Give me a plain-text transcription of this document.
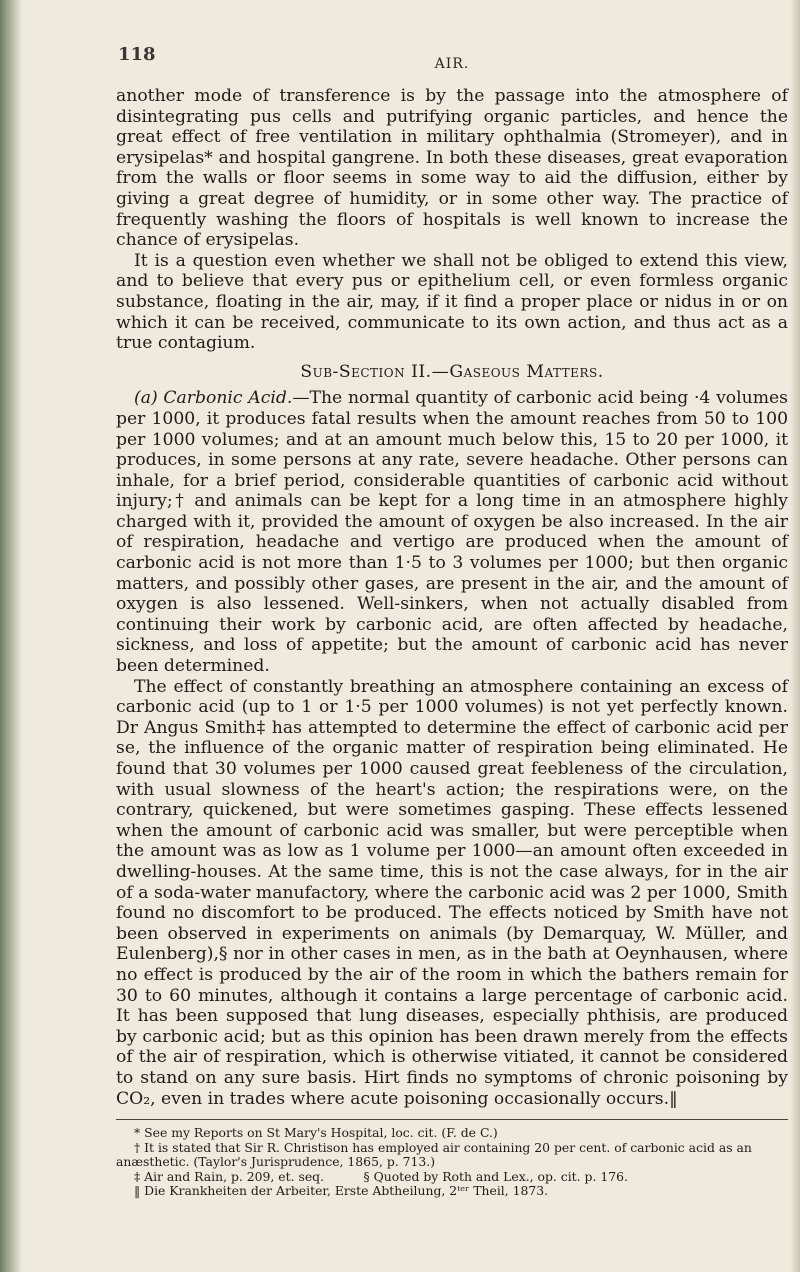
118	AIR.

another mode of transference is by the passage into the atmosphere of disintegrating pus cells and putrifying organic particles, and hence the great effect of free ventilation in military ophthalmia (Stromeyer), and in erysipelas* and hospital gangrene. In both these diseases, great evaporation from the walls or floor seems in some way to aid the diffusion, either by giving a great degree of humidity, or in some other way. The practice of frequently washing the floors of hospitals is well known to increase the chance of erysipelas.

It is a question even whether we shall not be obliged to extend this view, and to believe that every pus or epithelium cell, or even formless organic substance, floating in the air, may, if it find a proper place or nidus in or on which it can be received, communicate to its own action, and thus act as a true contagium.

Sub-Section II.—Gaseous Matters.

(a) Carbonic Acid.—The normal quantity of carbonic acid being ·4 volumes per 1000, it produces fatal results when the amount reaches from 50 to 100 per 1000 volumes; and at an amount much below this, 15 to 20 per 1000, it produces, in some persons at any rate, severe headache. Other persons can inhale, for a brief period, considerable quantities of carbonic acid without injury;† and animals can be kept for a long time in an atmosphere highly charged with it, provided the amount of oxygen be also increased. In the air of respiration, headache and vertigo are produced when the amount of carbonic acid is not more than 1·5 to 3 volumes per 1000; but then organic matters, and possibly other gases, are present in the air, and the amount of oxygen is also lessened. Well-sinkers, when not actually disabled from continuing their work by carbonic acid, are often affected by headache, sickness, and loss of appetite; but the amount of carbonic acid has never been determined.

The effect of constantly breathing an atmosphere containing an excess of carbonic acid (up to 1 or 1·5 per 1000 volumes) is not yet perfectly known. Dr Angus Smith‡ has attempted to determine the effect of carbonic acid per se, the influence of the organic matter of respiration being eliminated. He found that 30 volumes per 1000 caused great feebleness of the circulation, with usual slowness of the heart's action; the respirations were, on the contrary, quickened, but were sometimes gasping. These effects lessened when the amount of carbonic acid was smaller, but were perceptible when the amount was as low as 1 volume per 1000—an amount often exceeded in dwelling-houses. At the same time, this is not the case always, for in the air of a soda-water manufactory, where the carbonic acid was 2 per 1000, Smith found no discomfort to be produced. The effects noticed by Smith have not been observed in experiments on animals (by Demarquay, W. Müller, and Eulenberg),§ nor in other cases in men, as in the bath at Oeynhausen, where no effect is produced by the air of the room in which the bathers remain for 30 to 60 minutes, although it contains a large percentage of carbonic acid. It has been supposed that lung diseases, especially phthisis, are produced by carbonic acid; but as this opinion has been drawn merely from the effects of the air of respiration, which is otherwise vitiated, it cannot be considered to stand on any sure basis. Hirt finds no symptoms of chronic poisoning by CO₂, even in trades where acute poisoning occasionally occurs.‖

* See my Reports on St Mary's Hospital, loc. cit. (F. de C.)
† It is stated that Sir R. Christison has employed air containing 20 per cent. of carbonic acid as an anæsthetic. (Taylor's Jurisprudence, 1865, p. 713.)
‡ Air and Rain, p. 209, et. seq.          § Quoted by Roth and Lex., op. cit. p. 176.
‖ Die Krankheiten der Arbeiter, Erste Abtheilung, 2ᵗᵉʳ Theil, 1873.
